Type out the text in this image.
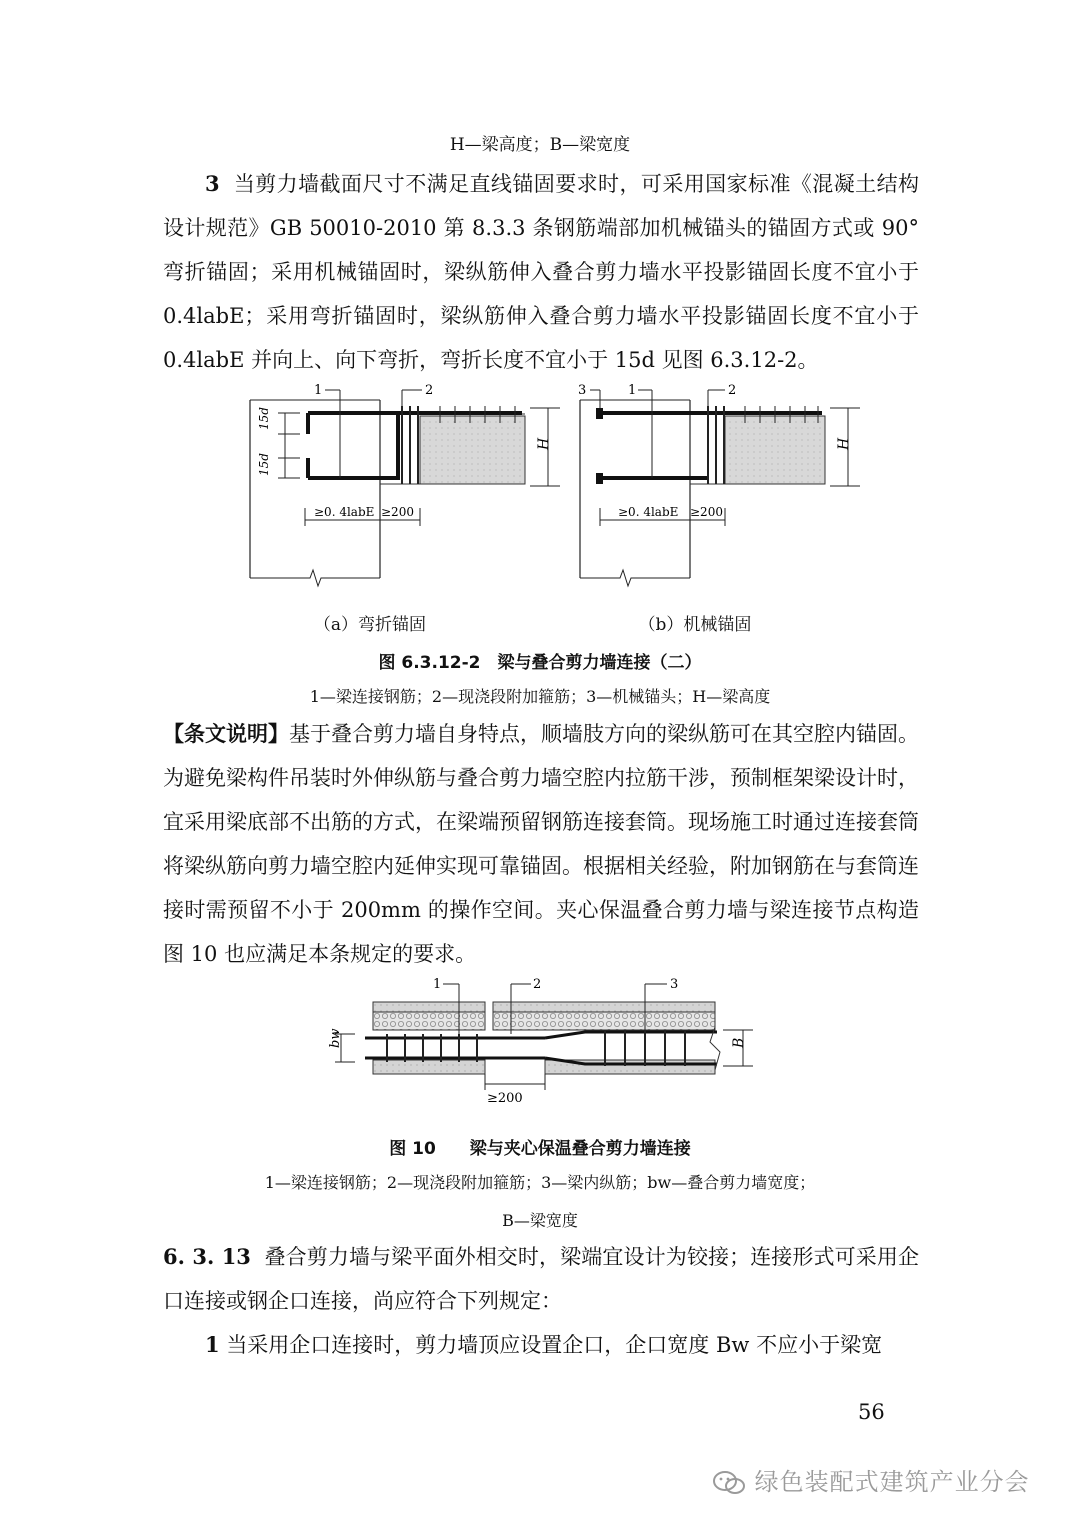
H—梁高度；B—梁宽度

3 当剪力墙截面尺寸不满足直线锚固要求时，可采用国家标准《混凝土结构设计规范》GB 50010-2010 第 8.3.3 条钢筋端部加机械锚头的锚固方式或 90°弯折锚固；采用机械锚固时，梁纵筋伸入叠合剪力墙水平投影锚固长度不宜小于 0.4labE；采用弯折锚固时，梁纵筋伸入叠合剪力墙水平投影锚固长度不宜小于 0.4labE 并向上、向下弯折，弯折长度不宜小于 15d 见图 6.3.12-2。

15d
15d
H
≥0. 4labE ≥200
1	2
H
≥0. 4labE ≥200
3	1	2
（a）弯折锚固	（b）机械锚固
图 6.3.12-2　梁与叠合剪力墙连接（二）
1—梁连接钢筋；2—现浇段附加箍筋；3—机械锚头；H—梁高度

【条文说明】基于叠合剪力墙自身特点，顺墙肢方向的梁纵筋可在其空腔内锚固。为避免梁构件吊装时外伸纵筋与叠合剪力墙空腔内拉筋干涉，预制框架梁设计时，宜采用梁底部不出筋的方式，在梁端预留钢筋连接套筒。现场施工时通过连接套筒将梁纵筋向剪力墙空腔内延伸实现可靠锚固。根据相关经验，附加钢筋在与套筒连接时需预留不小于 200mm 的操作空间。夹心保温叠合剪力墙与梁连接节点构造图 10 也应满足本条规定的要求。

bw	B
≥200
1	2	3
图 10　　梁与夹心保温叠合剪力墙连接
1—梁连接钢筋；2—现浇段附加箍筋；3—梁内纵筋；bw—叠合剪力墙宽度；
B—梁宽度

6. 3. 13 叠合剪力墙与梁平面外相交时，梁端宜设计为铰接；连接形式可采用企口连接或钢企口连接，尚应符合下列规定：

1 当采用企口连接时，剪力墙顶应设置企口，企口宽度 Bw 不应小于梁宽

56
绿色装配式建筑产业分会
